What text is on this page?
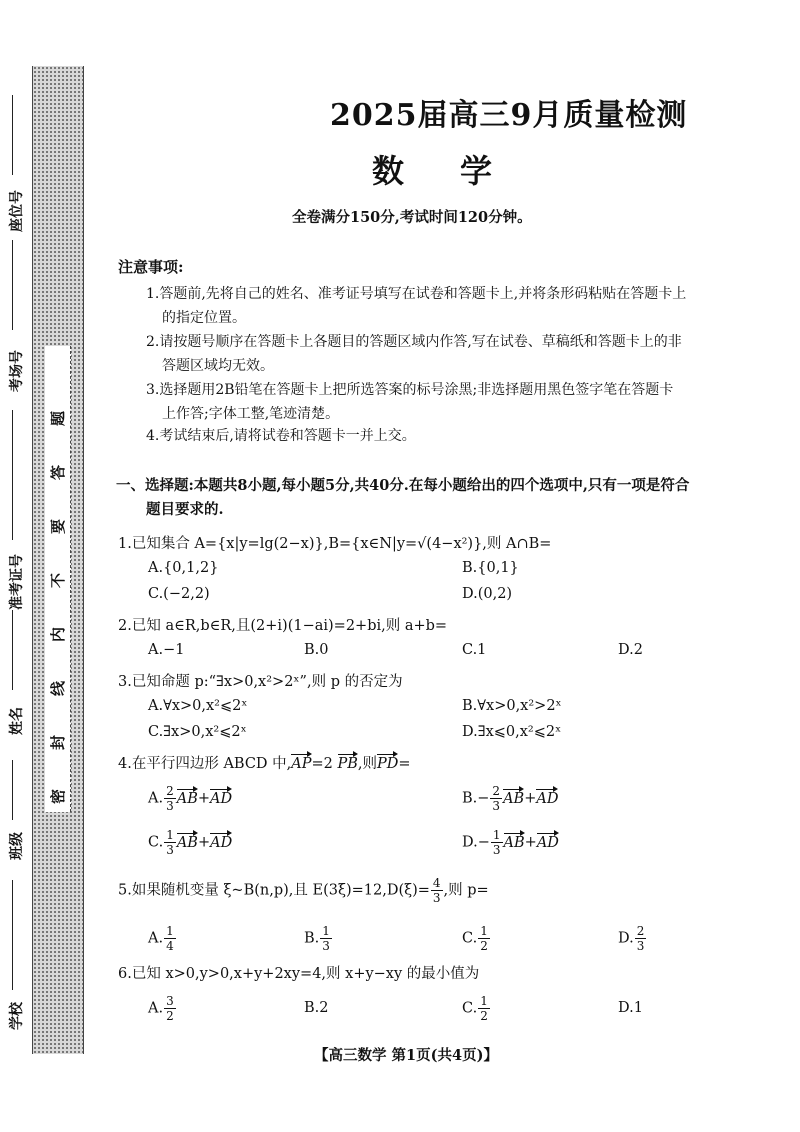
学校
班级
姓名
准考证号
考场号
座位号
密
封
线
内
不
要
答
题
2025届高三9月质量检测
数学
全卷满分150分,考试时间120分钟。
注意事项:
1.答题前,先将自己的姓名、准考证号填写在试卷和答题卡上,并将条形码粘贴在答题卡上
的指定位置。
2.请按题号顺序在答题卡上各题目的答题区域内作答,写在试卷、草稿纸和答题卡上的非
答题区域均无效。
3.选择题用2B铅笔在答题卡上把所选答案的标号涂黑;非选择题用黑色签字笔在答题卡
上作答;字体工整,笔迹清楚。
4.考试结束后,请将试卷和答题卡一并上交。
一、选择题:本题共8小题,每小题5分,共40分.在每小题给出的四个选项中,只有一项是符合
题目要求的.
1.已知集合 A={x|y=lg(2−x)},B={x∈N|y=√(4−x²)},则 A∩B=
A.{0,1,2}	B.{0,1}
C.(−2,2)	D.(0,2)
2.已知 a∈R,b∈R,且(2+i)(1−ai)=2+bi,则 a+b=
A.−1	B.0	C.1	D.2
3.已知命题 p:“∃x>0,x²>2ˣ”,则 p 的否定为
A.∀x>0,x²⩽2ˣ	B.∀x>0,x²>2ˣ
C.∃x>0,x²⩽2ˣ	D.∃x⩽0,x²⩽2ˣ
4.在平行四边形 ABCD 中,AP=2 PB,则PD=
A. $\frac{2}{3} AB+AD$	$B.- \frac{2}{3} AB+AD$
C. $\frac{1}{3} AB+AD$	$D.- \frac{1}{3} AB+AD$
5.如果随机变量 ξ~B(n,p),且 $E(3\xi)=12,D(\xi)= \frac{4}{3}$ ,则 p=
A. $\frac{1}{4}$	B. $\frac{1}{3}$	C. $\frac{1}{2}$	D. $\frac{2}{3}$
6.已知 x>0,y>0,x+y+2xy=4,则 x+y−xy 的最小值为
A. $\frac{3}{2}$	B.2	C. $\frac{1}{2}$	D.1
【高三数学 第1页(共4页)】
